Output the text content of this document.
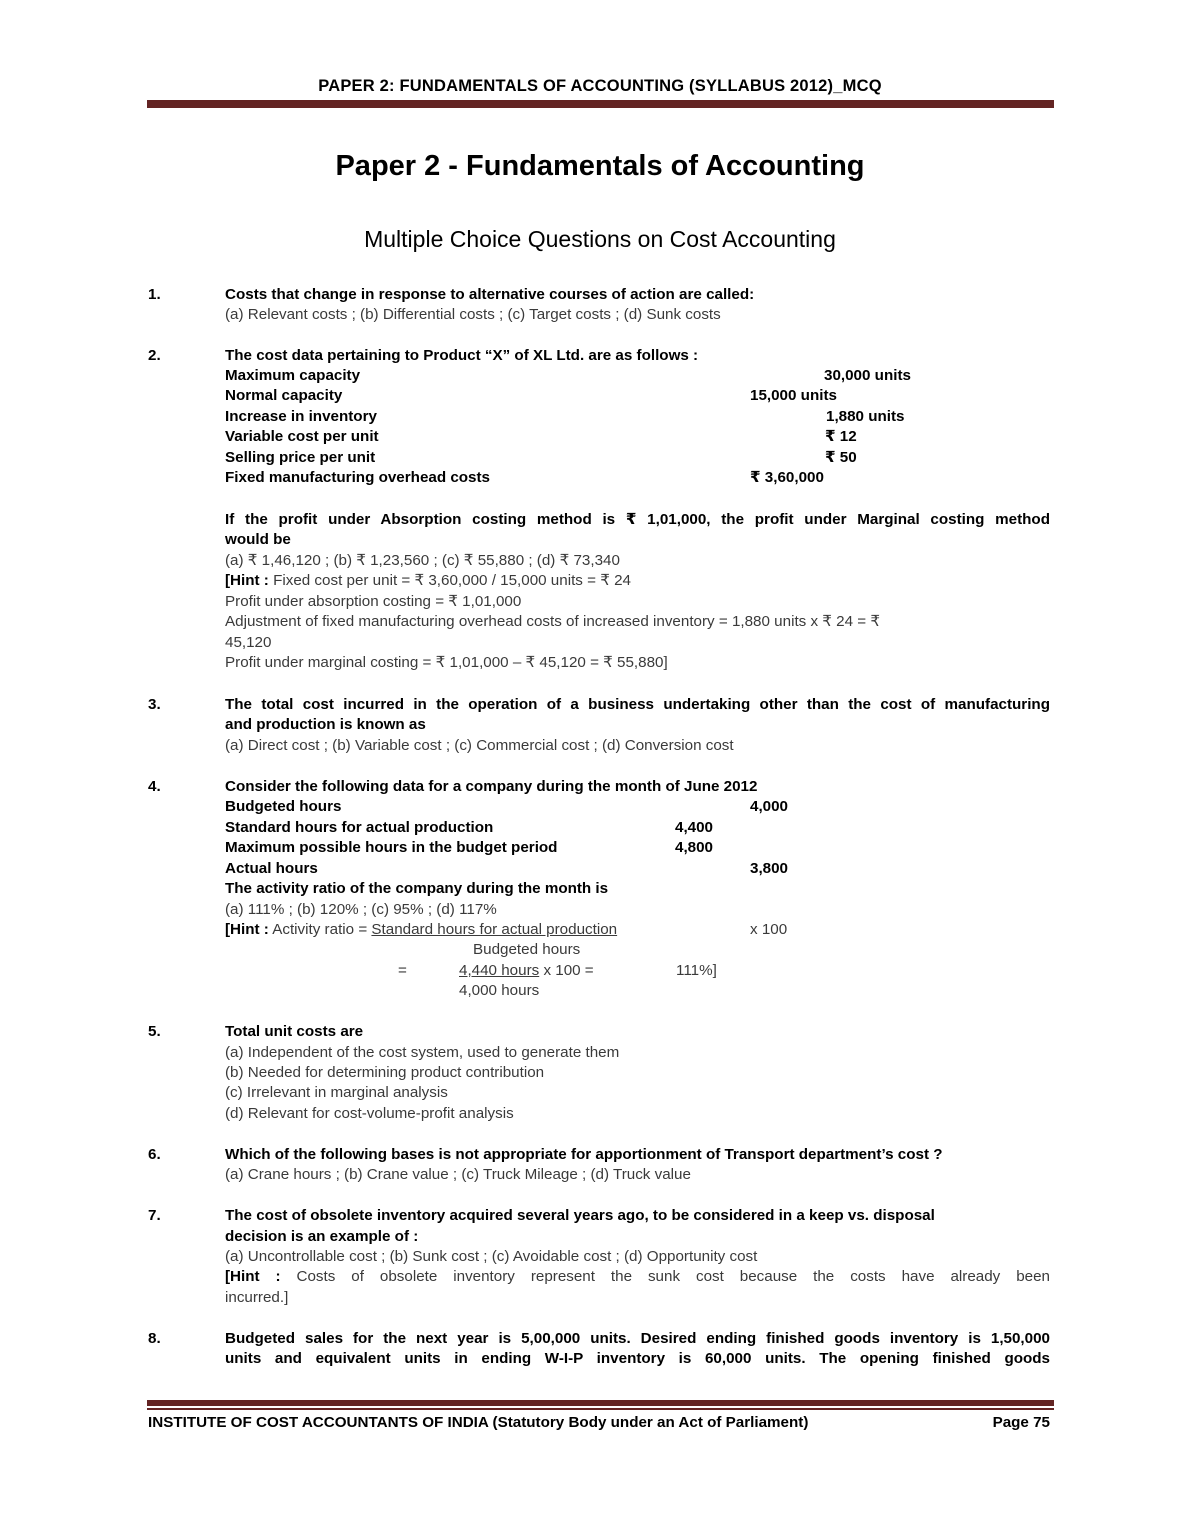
PAPER 2: FUNDAMENTALS OF ACCOUNTING (SYLLABUS 2012)_MCQ
Paper 2 - Fundamentals of Accounting
Multiple Choice Questions on Cost Accounting
1.	Costs that change in response to alternative courses of action are called:
(a) Relevant costs ; (b) Differential costs ; (c) Target costs ; (d) Sunk costs
2.	The cost data pertaining to Product “X” of XL Ltd. are as follows :
Maximum capacity	30,000 units
Normal capacity	15,000 units
Increase in inventory	1,880 units
Variable cost per unit	₹ 12
Selling price per unit	₹ 50
Fixed manufacturing overhead costs	₹ 3,60,000
If the profit under Absorption costing method is ₹ 1,01,000, the profit under Marginal costing method
would be
(a) ₹ 1,46,120 ; (b) ₹ 1,23,560 ; (c) ₹ 55,880 ; (d) ₹ 73,340
[Hint : Fixed cost per unit = ₹ 3,60,000 / 15,000 units = ₹ 24
Profit under absorption costing = ₹ 1,01,000
Adjustment of fixed manufacturing overhead costs of increased inventory = 1,880 units x ₹ 24 = ₹
45,120
Profit under marginal costing = ₹ 1,01,000 – ₹ 45,120 = ₹ 55,880]
3.	The total cost incurred in the operation of a business undertaking other than the cost of manufacturing
and production is known as
(a) Direct cost ; (b) Variable cost ; (c) Commercial cost ; (d) Conversion cost
4.	Consider the following data for a company during the month of June 2012
Budgeted hours	4,000
Standard hours for actual production	4,400
Maximum possible hours in the budget period	4,800
Actual hours	3,800
The activity ratio of the company during the month is
(a) 111% ; (b) 120% ; (c) 95% ; (d) 117%
[Hint : Activity ratio = Standard hours for actual production	x 100
Budgeted hours
=	4,440 hours x 100 =	111%]
4,000 hours
5.	Total unit costs are
(a) Independent of the cost system, used to generate them
(b) Needed for determining product contribution
(c) Irrelevant in marginal analysis
(d) Relevant for cost-volume-profit analysis
6.	Which of the following bases is not appropriate for apportionment of Transport department’s cost ?
(a) Crane hours ; (b) Crane value ; (c) Truck Mileage ; (d) Truck value
7.	The cost of obsolete inventory acquired several years ago, to be considered in a keep vs. disposal
decision is an example of :
(a) Uncontrollable cost ; (b) Sunk cost ; (c) Avoidable cost ; (d) Opportunity cost
[Hint : Costs of obsolete inventory represent the sunk cost because the costs have already been
incurred.]
8.	Budgeted sales for the next year is 5,00,000 units. Desired ending finished goods inventory is 1,50,000
units and equivalent units in ending W-I-P inventory is 60,000 units. The opening finished goods
INSTITUTE OF COST ACCOUNTANTS OF INDIA (Statutory Body under an Act of Parliament)	Page 75
